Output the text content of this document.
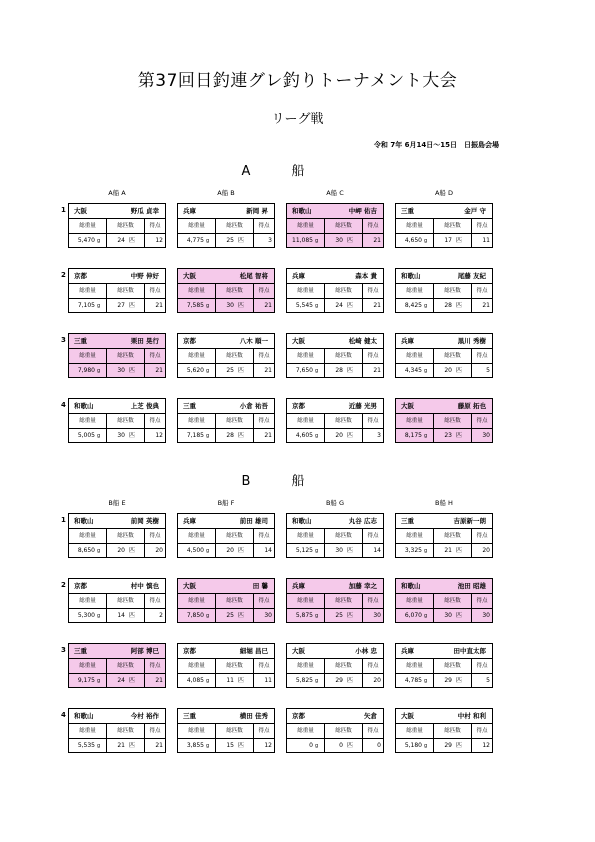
第37回日釣連グレ釣りトーナメント大会
リーグ戦
令和 7年 6月14日～15日　日振島会場
A　船
A船 A	A船 B	A船 C	A船 D
1 大阪	野瓜 貞幸
総重量	総匹数	得点
5,470 g	24 匹	12
兵庫	新岡 昇
総重量	総匹数	得点
4,775 g	25 匹	3
和歌山	中岬 佑吉
総重量	総匹数	得点
11,085 g	30 匹	21
三重	金戸 守
総重量	総匹数	得点
4,650 g	17 匹	11
2 京都	中野 伸好
総重量	総匹数	得点
7,105 g	27 匹	21
大阪	松尾 智将
総重量	総匹数	得点
7,585 g	30 匹	21
兵庫	森本 貴
総重量	総匹数	得点
5,545 g	24 匹	21
和歌山	尾藤 友紀
総重量	総匹数	得点
8,425 g	28 匹	21
3 三重	栗田 晃行
総重量	総匹数	得点
7,980 g	30 匹	21
京都	八木 順一
総重量	総匹数	得点
5,620 g	25 匹	21
大阪	松崎 健太
総重量	総匹数	得点
7,650 g	28 匹	21
兵庫	黒川 秀樹
総重量	総匹数	得点
4,345 g	20 匹	5
4 和歌山	上芝 俊典
総重量	総匹数	得点
5,005 g	30 匹	12
三重	小倉 祐吾
総重量	総匹数	得点
7,185 g	28 匹	21
京都	近藤 光男
総重量	総匹数	得点
4,605 g	20 匹	3
大阪	藤原 拓也
総重量	総匹数	得点
8,175 g	23 匹	30
B　船
B船 E	B船 F	B船 G	B船 H
1 和歌山	前岡 英樹
総重量	総匹数	得点
8,650 g	20 匹	20
兵庫	前田 雄司
総重量	総匹数	得点
4,500 g	20 匹	14
和歌山	丸谷 広志
総重量	総匹数	得点
5,125 g	30 匹	14
三重	吉原新一朗
総重量	総匹数	得点
3,325 g	21 匹	20
2 京都	村中 慎也
総重量	総匹数	得点
5,300 g	14 匹	2
大阪	田 馨
総重量	総匹数	得点
7,850 g	25 匹	30
兵庫	加藤 幸之
総重量	総匹数	得点
5,875 g	25 匹	30
和歌山	池田 昭雄
総重量	総匹数	得点
6,070 g	30 匹	30
3 三重	阿部 博巳
総重量	総匹数	得点
9,175 g	24 匹	21
京都	細堀 昌巳
総重量	総匹数	得点
4,085 g	11 匹	11
大阪	小林 忠
総重量	総匹数	得点
5,825 g	29 匹	20
兵庫	田中直太郎
総重量	総匹数	得点
4,785 g	29 匹	5
4 和歌山	今村 裕作
総重量	総匹数	得点
5,535 g	21 匹	21
三重	横田 佳秀
総重量	総匹数	得点
3,855 g	15 匹	12
京都	矢倉
総重量	総匹数	得点
0 g	0 匹	0
大阪	中村 和利
総重量	総匹数	得点
5,180 g	29 匹	12
